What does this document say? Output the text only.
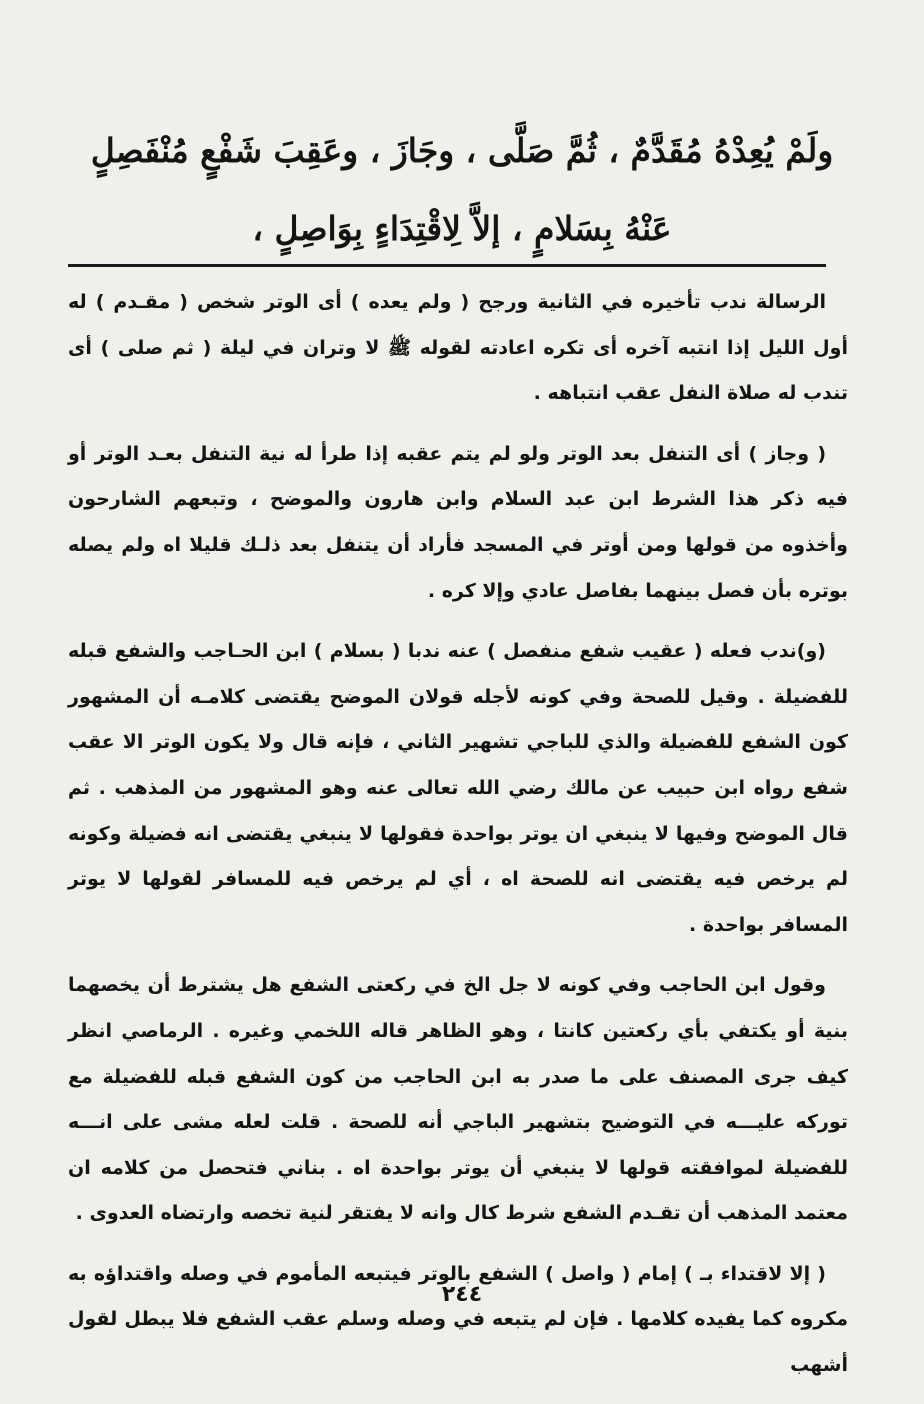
ولَمْ يُعِدْهُ مُقَدَّمٌ ، ثُمَّ صَلَّى ، وجَازَ ، وعَقِبَ شَفْعٍ مُنْفَصِلٍ
عَنْهُ بِسَلامٍ ، إلاَّ لِاقْتِدَاءٍ بِوَاصِلٍ ،

الرسالة ندب تأخيره في الثانية ورجح ( ولم يعده ) أى الوتر شخص ( مقـدم ) له أول الليل إذا انتبه آخره أى تكره اعادته لقوله ﷺ لا وتران في ليلة ( ثم صلى ) أى تندب له صلاة النفل عقب انتباهه .

( وجاز ) أى التنفل بعد الوتر ولو لم يتم عقبه إذا طرأ له نية التنفل بعـد الوتر أو فيه ذكر هذا الشرط ابن عبد السلام وابن هارون والموضح ، وتبعهم الشارحون وأخذوه من قولها ومن أوتر في المسجد فأراد أن يتنفل بعد ذلـك قليلا اه ولم يصله بوتره بأن فصل بينهما بفاصل عادي وإلا كره .

(و)ندب فعله ( عقيب شفع منفصل ) عنه ندبا ( بسلام ) ابن الحـاجب والشفع قبله للفضيلة . وقيل للصحة وفي كونه لأجله قولان الموضح يقتضى كلامـه أن المشهور كون الشفع للفضيلة والذي للباجي تشهير الثاني ، فإنه قال ولا يكون الوتر الا عقب شفع رواه ابن حبيب عن مالك رضي الله تعالى عنه وهو المشهور من المذهب . ثم قال الموضح وفيها لا ينبغي ان يوتر بواحدة فقولها لا ينبغي يقتضى انه فضيلة وكونه لم يرخص فيه يقتضى انه للصحة اه ، أي لم يرخص فيه للمسافر لقولها لا يوتر المسافر بواحدة .

وقول ابن الحاجب وفي كونه لا جل الخ في ركعتى الشفع هل يشترط أن يخصهما بنية أو يكتفي بأي ركعتين كانتا ، وهو الظاهر قاله اللخمي وغيره . الرماصي انظر كيف جرى المصنف على ما صدر به ابن الحاجب من كون الشفع قبله للفضيلة مع تورکه عليـــه في التوضيح بتشهير الباجي أنه للصحة . قلت لعله مشى على انـــه للفضيلة لموافقته قولها لا ينبغي أن يوتر بواحدة اه . بناني فتحصل من كلامه ان معتمد المذهب أن تقـدم الشفع شرط كال وانه لا يفتقر لنية تخصه وارتضاه العدوى .

( إلا لاقتداء بـ ) إمام ( واصل ) الشفع بالوتر فيتبعه المأموم في وصله واقتداؤه به مكروه كما يفيده كلامها . فإن لم يتبعه في وصله وسلم عقب الشفع فلا يبطل لقول أشهب

٢٤٤
